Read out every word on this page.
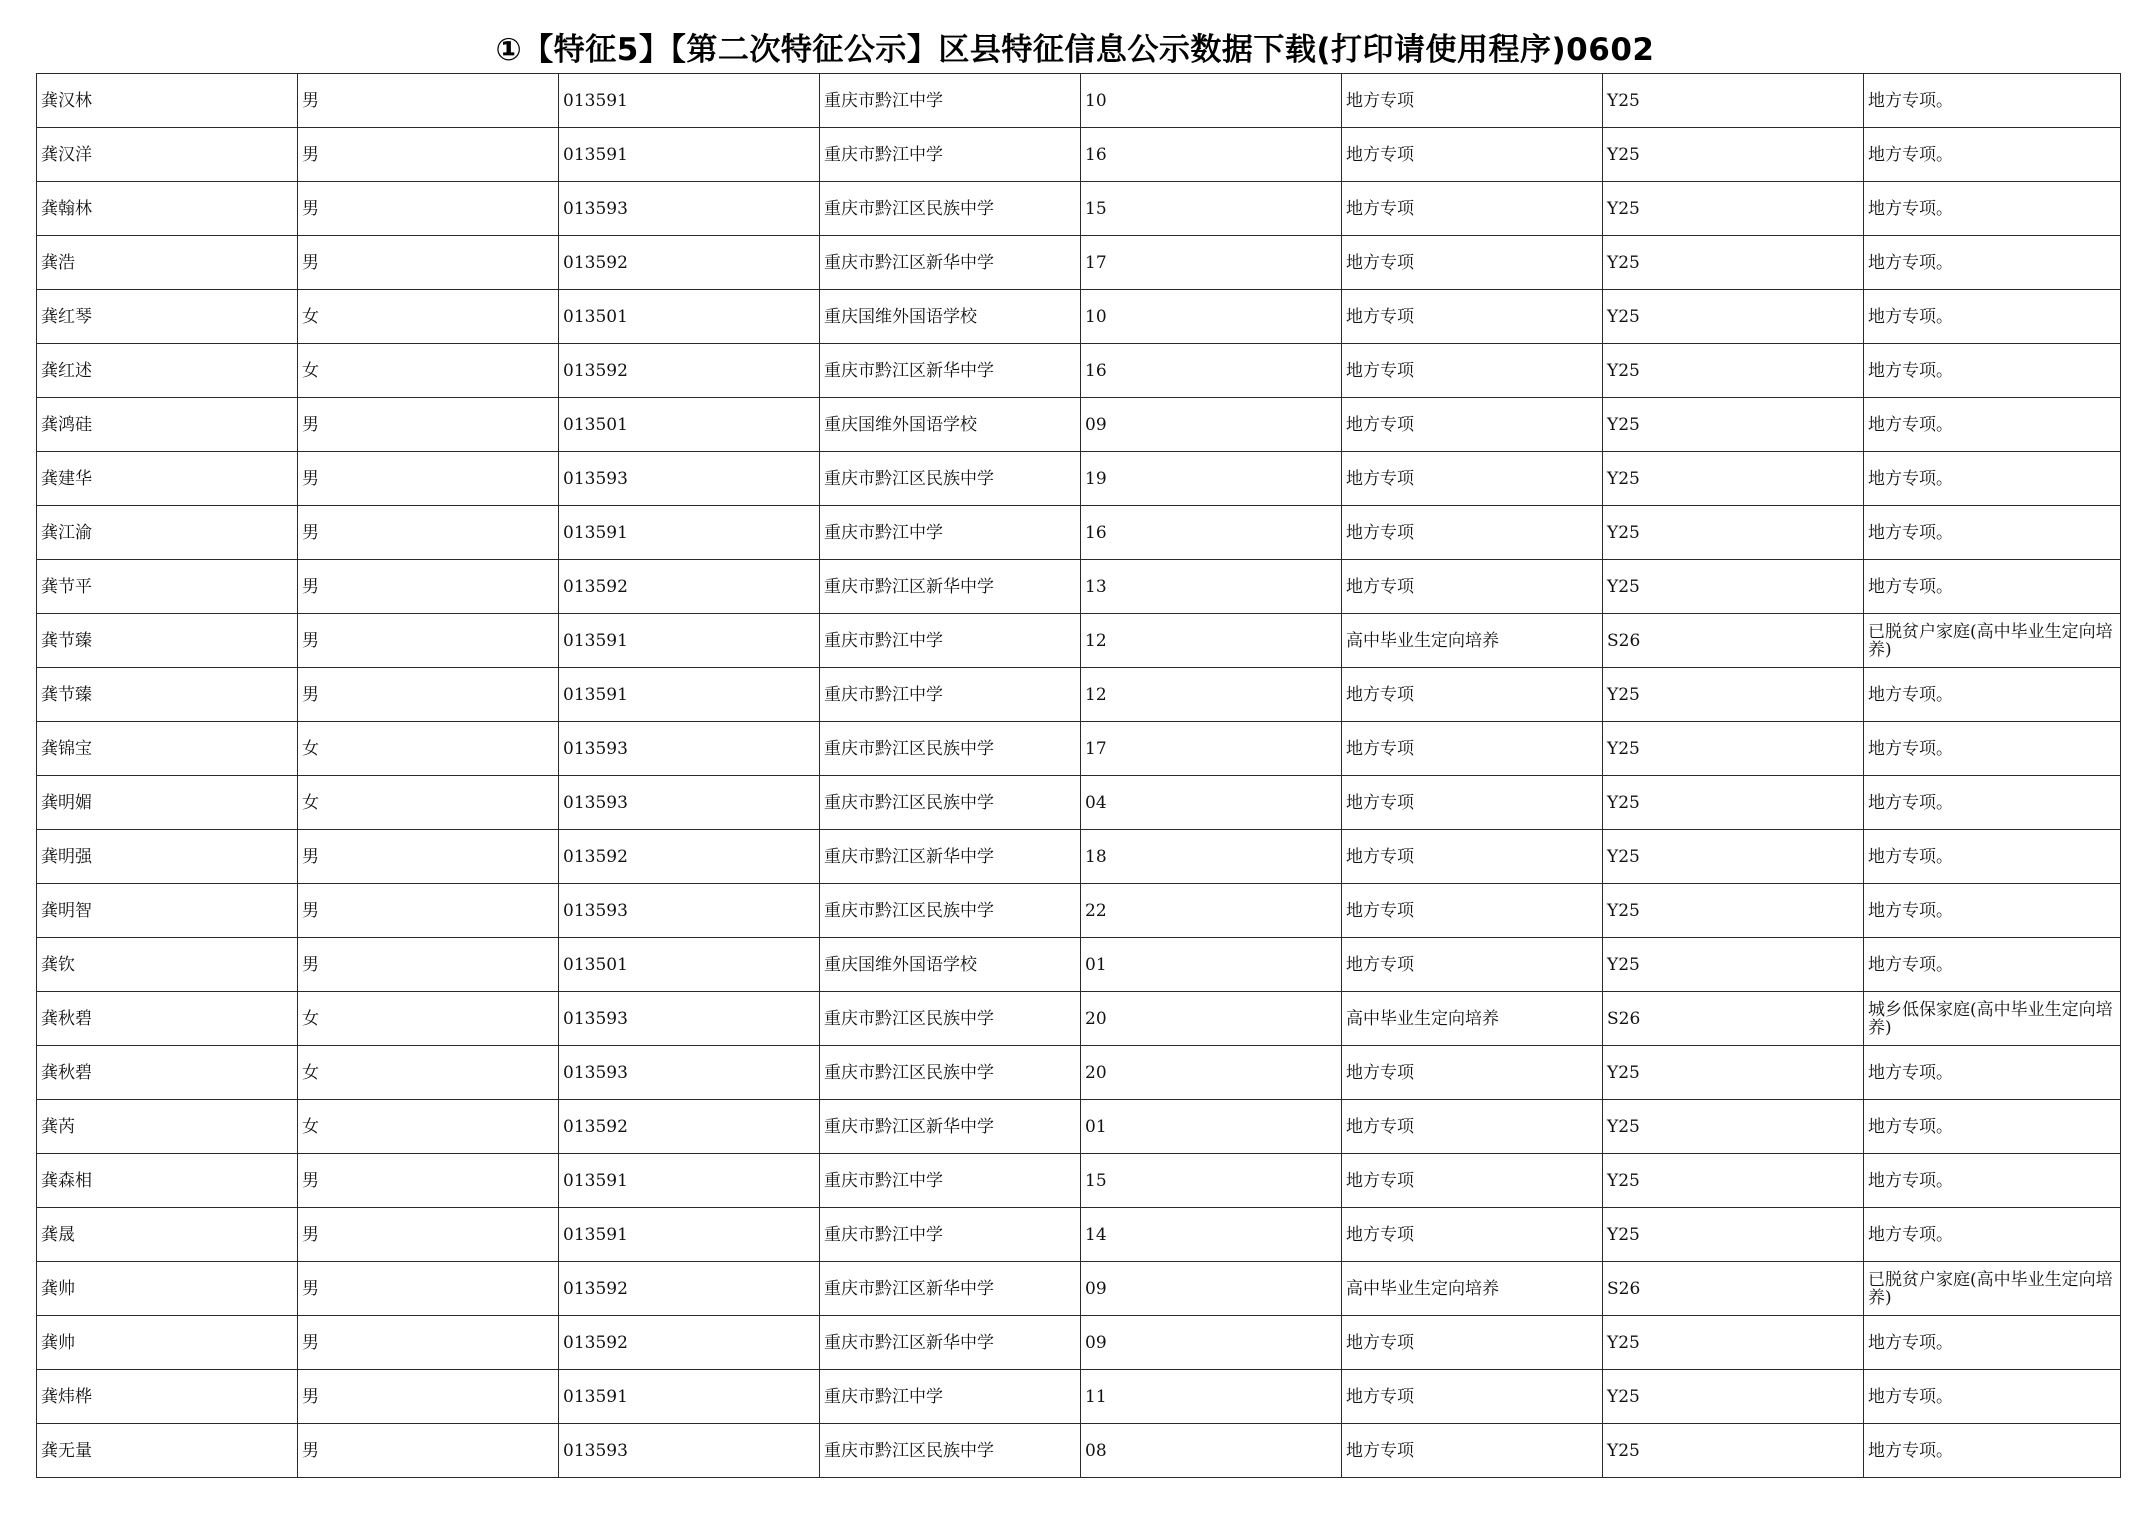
①【特征5】【第二次特征公示】区县特征信息公示数据下载(打印请使用程序)0602
龚汉林	男	013591	重庆市黔江中学	10	地方专项	Y25	地方专项。
龚汉洋	男	013591	重庆市黔江中学	16	地方专项	Y25	地方专项。
龚翰林	男	013593	重庆市黔江区民族中学	15	地方专项	Y25	地方专项。
龚浩	男	013592	重庆市黔江区新华中学	17	地方专项	Y25	地方专项。
龚红琴	女	013501	重庆国维外国语学校	10	地方专项	Y25	地方专项。
龚红述	女	013592	重庆市黔江区新华中学	16	地方专项	Y25	地方专项。
龚鸿硅	男	013501	重庆国维外国语学校	09	地方专项	Y25	地方专项。
龚建华	男	013593	重庆市黔江区民族中学	19	地方专项	Y25	地方专项。
龚江渝	男	013591	重庆市黔江中学	16	地方专项	Y25	地方专项。
龚节平	男	013592	重庆市黔江区新华中学	13	地方专项	Y25	地方专项。
龚节臻	男	013591	重庆市黔江中学	12	高中毕业生定向培养	S26	已脱贫户家庭(高中毕业生定向培养)
龚节臻	男	013591	重庆市黔江中学	12	地方专项	Y25	地方专项。
龚锦宝	女	013593	重庆市黔江区民族中学	17	地方专项	Y25	地方专项。
龚明媚	女	013593	重庆市黔江区民族中学	04	地方专项	Y25	地方专项。
龚明强	男	013592	重庆市黔江区新华中学	18	地方专项	Y25	地方专项。
龚明智	男	013593	重庆市黔江区民族中学	22	地方专项	Y25	地方专项。
龚钦	男	013501	重庆国维外国语学校	01	地方专项	Y25	地方专项。
龚秋碧	女	013593	重庆市黔江区民族中学	20	高中毕业生定向培养	S26	城乡低保家庭(高中毕业生定向培养)
龚秋碧	女	013593	重庆市黔江区民族中学	20	地方专项	Y25	地方专项。
龚芮	女	013592	重庆市黔江区新华中学	01	地方专项	Y25	地方专项。
龚森相	男	013591	重庆市黔江中学	15	地方专项	Y25	地方专项。
龚晟	男	013591	重庆市黔江中学	14	地方专项	Y25	地方专项。
龚帅	男	013592	重庆市黔江区新华中学	09	高中毕业生定向培养	S26	已脱贫户家庭(高中毕业生定向培养)
龚帅	男	013592	重庆市黔江区新华中学	09	地方专项	Y25	地方专项。
龚炜桦	男	013591	重庆市黔江中学	11	地方专项	Y25	地方专项。
龚无量	男	013593	重庆市黔江区民族中学	08	地方专项	Y25	地方专项。
